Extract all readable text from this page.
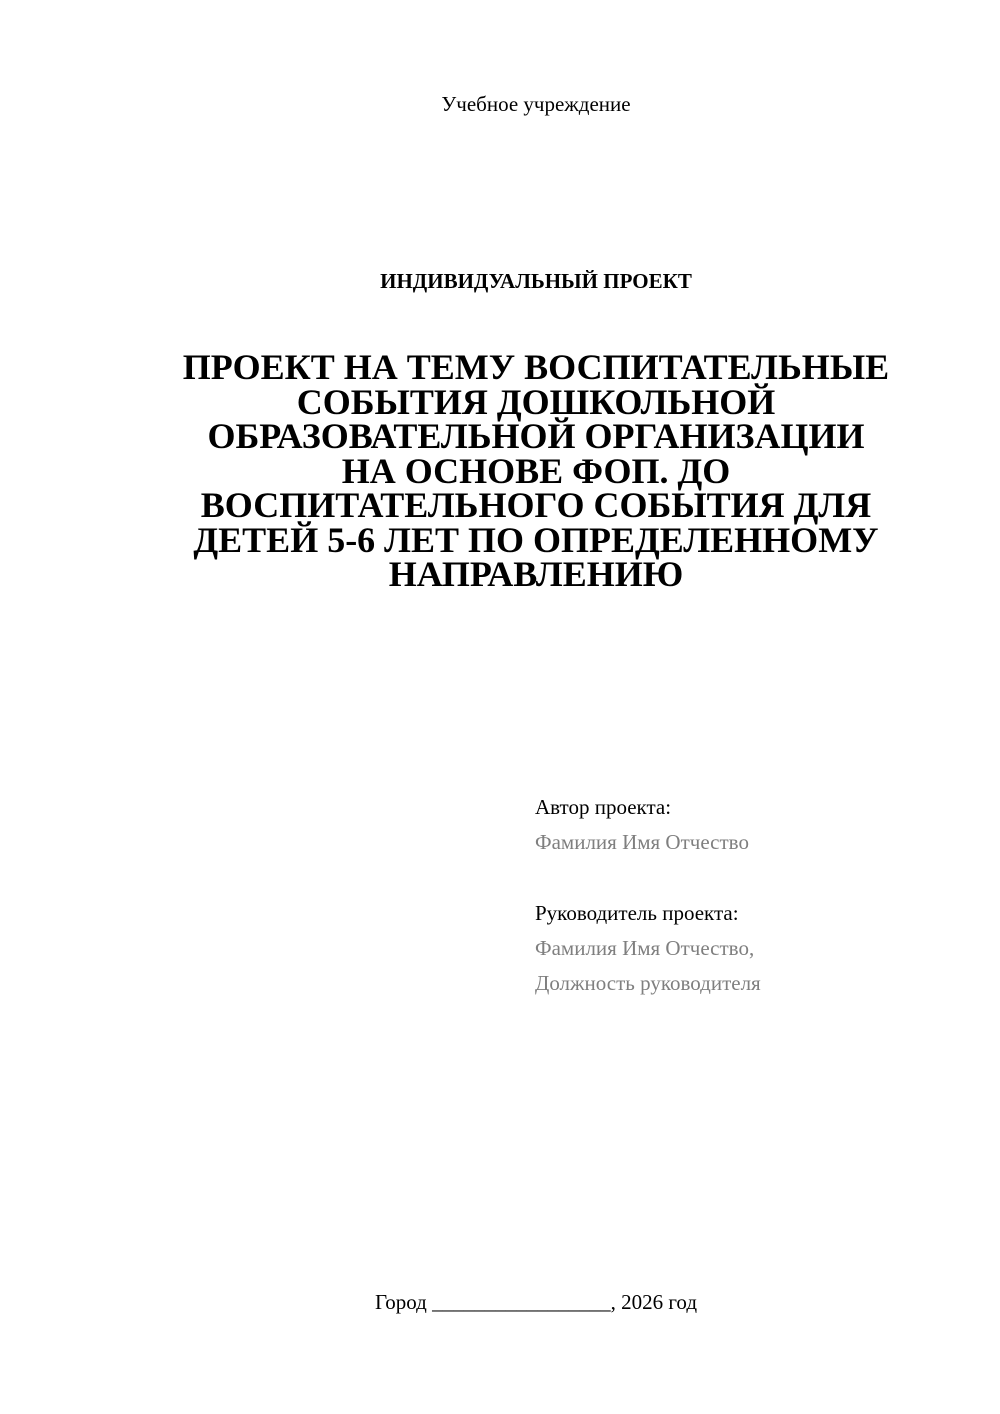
Учебное учреждение
ИНДИВИДУАЛЬНЫЙ ПРОЕКТ
ПРОЕКТ НА ТЕМУ ВОСПИТАТЕЛЬНЫЕ
СОБЫТИЯ ДОШКОЛЬНОЙ
ОБРАЗОВАТЕЛЬНОЙ ОРГАНИЗАЦИИ
НА ОСНОВЕ ФОП. ДО
ВОСПИТАТЕЛЬНОГО СОБЫТИЯ ДЛЯ
ДЕТЕЙ 5-6 ЛЕТ ПО ОПРЕДЕЛЕННОМУ
НАПРАВЛЕНИЮ
Автор проекта:
Фамилия Имя Отчество
Руководитель проекта:
Фамилия Имя Отчество,
Должность руководителя
Город _________________, 2026 год
